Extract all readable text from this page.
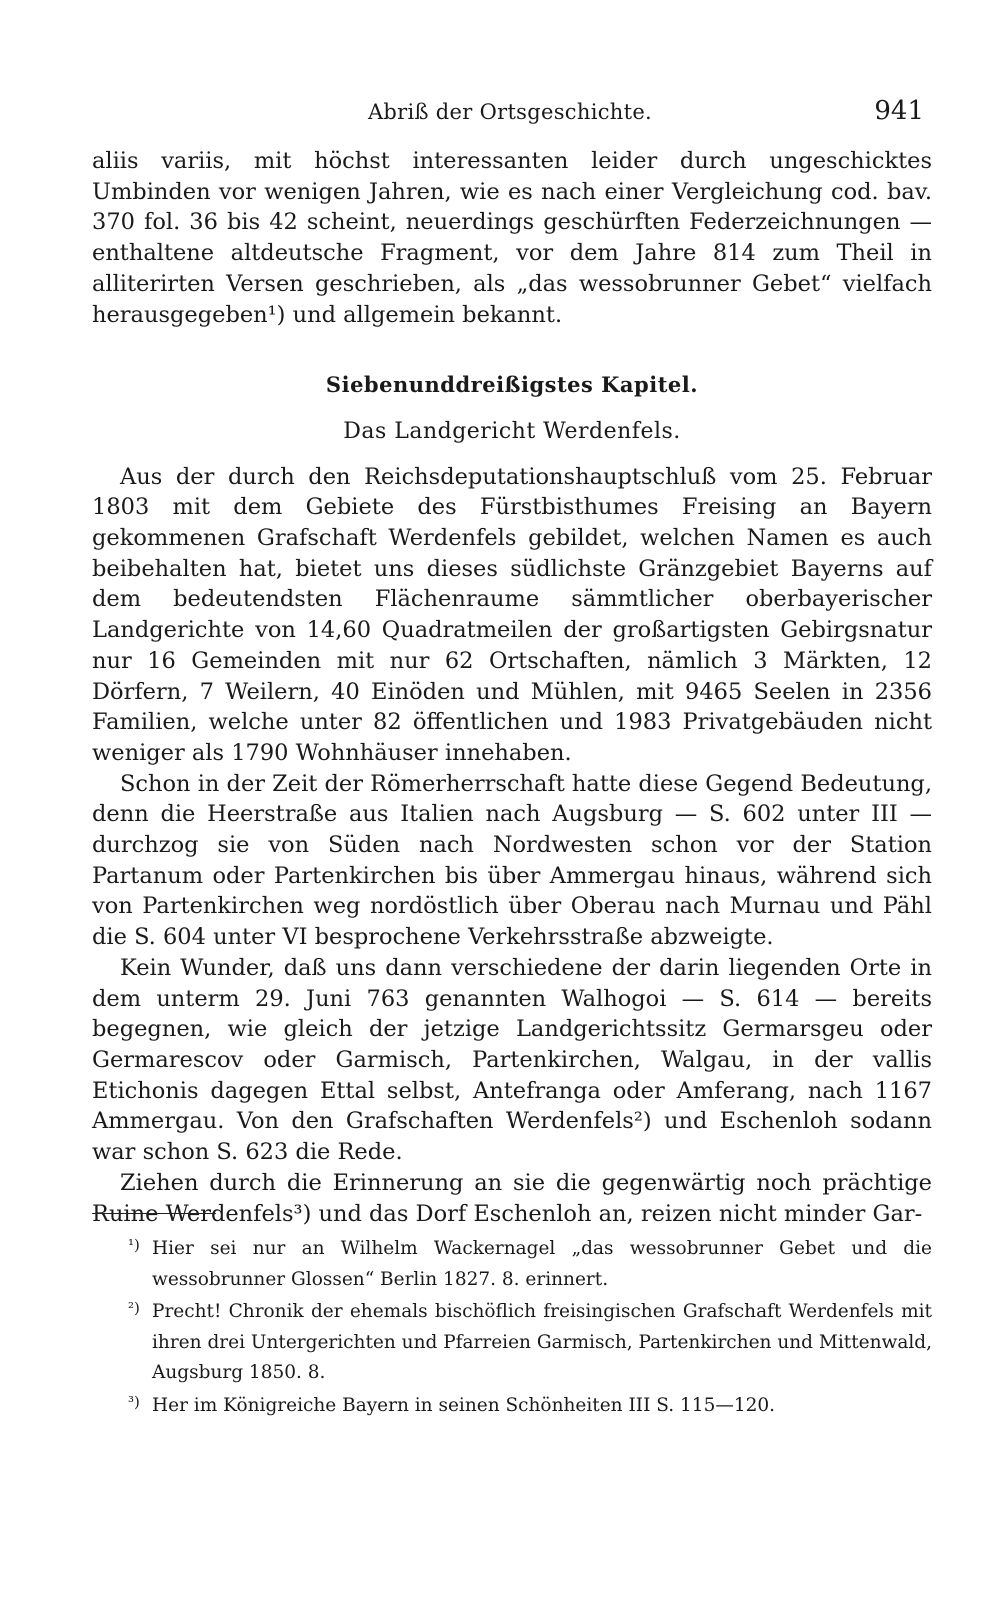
Abriß der Ortsgeschichte.	941

aliis variis, mit höchst interessanten leider durch ungeschicktes Umbinden vor wenigen Jahren, wie es nach einer Vergleichung cod. bav. 370 fol. 36 bis 42 scheint, neuerdings geschürften Federzeichnungen — enthaltene altdeutsche Fragment, vor dem Jahre 814 zum Theil in alliterirten Versen geschrieben, als „das wessobrunner Gebet“ vielfach herausgegeben¹) und allgemein bekannt.

Siebenunddreißigstes Kapitel.
Das Landgericht Werdenfels.

Aus der durch den Reichsdeputationshauptschluß vom 25. Februar 1803 mit dem Gebiete des Fürstbisthumes Freising an Bayern gekommenen Grafschaft Werdenfels gebildet, welchen Namen es auch beibehalten hat, bietet uns dieses südlichste Gränzgebiet Bayerns auf dem bedeutendsten Flächenraume sämmtlicher oberbayerischer Landgerichte von 14,60 Quadratmeilen der großartigsten Gebirgsnatur nur 16 Gemeinden mit nur 62 Ortschaften, nämlich 3 Märkten, 12 Dörfern, 7 Weilern, 40 Einöden und Mühlen, mit 9465 Seelen in 2356 Familien, welche unter 82 öffentlichen und 1983 Privatgebäuden nicht weniger als 1790 Wohnhäuser innehaben.

Schon in der Zeit der Römerherrschaft hatte diese Gegend Bedeutung, denn die Heerstraße aus Italien nach Augsburg — S. 602 unter III — durchzog sie von Süden nach Nordwesten schon vor der Station Partanum oder Partenkirchen bis über Ammergau hinaus, während sich von Partenkirchen weg nordöstlich über Oberau nach Murnau und Pähl die S. 604 unter VI besprochene Verkehrsstraße abzweigte.

Kein Wunder, daß uns dann verschiedene der darin liegenden Orte in dem unterm 29. Juni 763 genannten Walhogoi — S. 614 — bereits begegnen, wie gleich der jetzige Landgerichtssitz Germarsgeu oder Germarescov oder Garmisch, Partenkirchen, Walgau, in der vallis Etichonis dagegen Ettal selbst, Antefranga oder Amferang, nach 1167 Ammergau. Von den Grafschaften Werdenfels²) und Eschenloh sodann war schon S. 623 die Rede.

Ziehen durch die Erinnerung an sie die gegenwärtig noch prächtige Ruine Werdenfels³) und das Dorf Eschenloh an, reizen nicht minder Gar-

¹) Hier sei nur an Wilhelm Wackernagel „das wessobrunner Gebet und die wessobrunner Glossen“ Berlin 1827. 8. erinnert.
²) Precht! Chronik der ehemals bischöflich freisingischen Grafschaft Werdenfels mit ihren drei Untergerichten und Pfarreien Garmisch, Partenkirchen und Mittenwald, Augsburg 1850. 8.
³) Her im Königreiche Bayern in seinen Schönheiten III S. 115—120.
